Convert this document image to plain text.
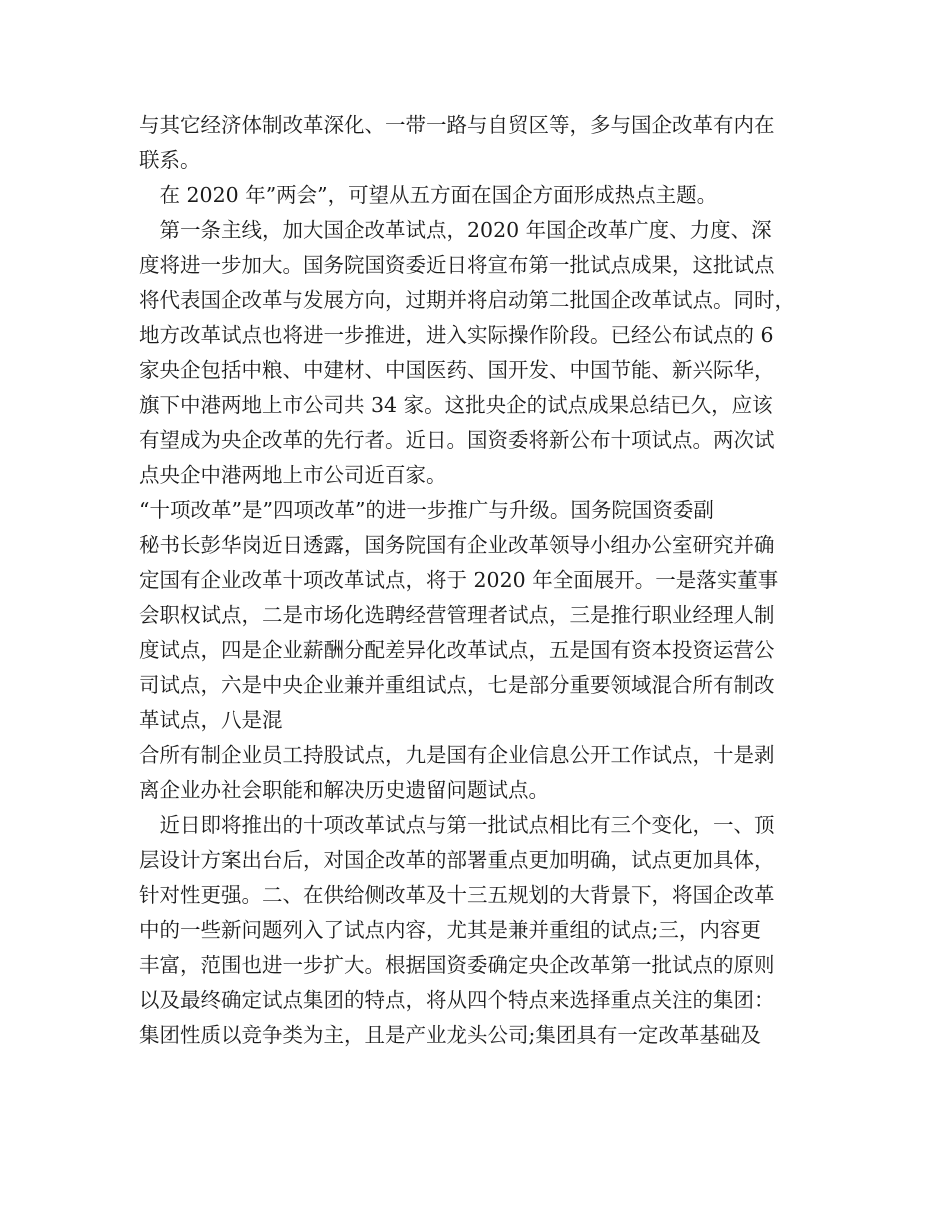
与其它经济体制改革深化、一带一路与自贸区等，多与国企改革有内在
联系。
　在 2020 年”两会”，可望从五方面在国企方面形成热点主题。
　第一条主线，加大国企改革试点，2020 年国企改革广度、力度、深
度将进一步加大。国务院国资委近日将宣布第一批试点成果，这批试点
将代表国企改革与发展方向，过期并将启动第二批国企改革试点。同时，
地方改革试点也将进一步推进，进入实际操作阶段。已经公布试点的 6
家央企包括中粮、中建材、中国医药、国开发、中国节能、新兴际华，
旗下中港两地上市公司共 34 家。这批央企的试点成果总结已久，应该
有望成为央企改革的先行者。近日。国资委将新公布十项试点。两次试
点央企中港两地上市公司近百家。
“十项改革”是”四项改革”的进一步推广与升级。国务院国资委副
秘书长彭华岗近日透露，国务院国有企业改革领导小组办公室研究并确
定国有企业改革十项改革试点，将于 2020 年全面展开。一是落实董事
会职权试点，二是市场化选聘经营管理者试点，三是推行职业经理人制
度试点，四是企业薪酬分配差异化改革试点，五是国有资本投资运营公
司试点，六是中央企业兼并重组试点，七是部分重要领域混合所有制改
革试点，八是混
合所有制企业员工持股试点，九是国有企业信息公开工作试点，十是剥
离企业办社会职能和解决历史遗留问题试点。
　近日即将推出的十项改革试点与第一批试点相比有三个变化，一、顶
层设计方案出台后，对国企改革的部署重点更加明确，试点更加具体，
针对性更强。二、在供给侧改革及十三五规划的大背景下，将国企改革
中的一些新问题列入了试点内容，尤其是兼并重组的试点;三，内容更
丰富，范围也进一步扩大。根据国资委确定央企改革第一批试点的原则
以及最终确定试点集团的特点，将从四个特点来选择重点关注的集团：
集团性质以竞争类为主，且是产业龙头公司;集团具有一定改革基础及
